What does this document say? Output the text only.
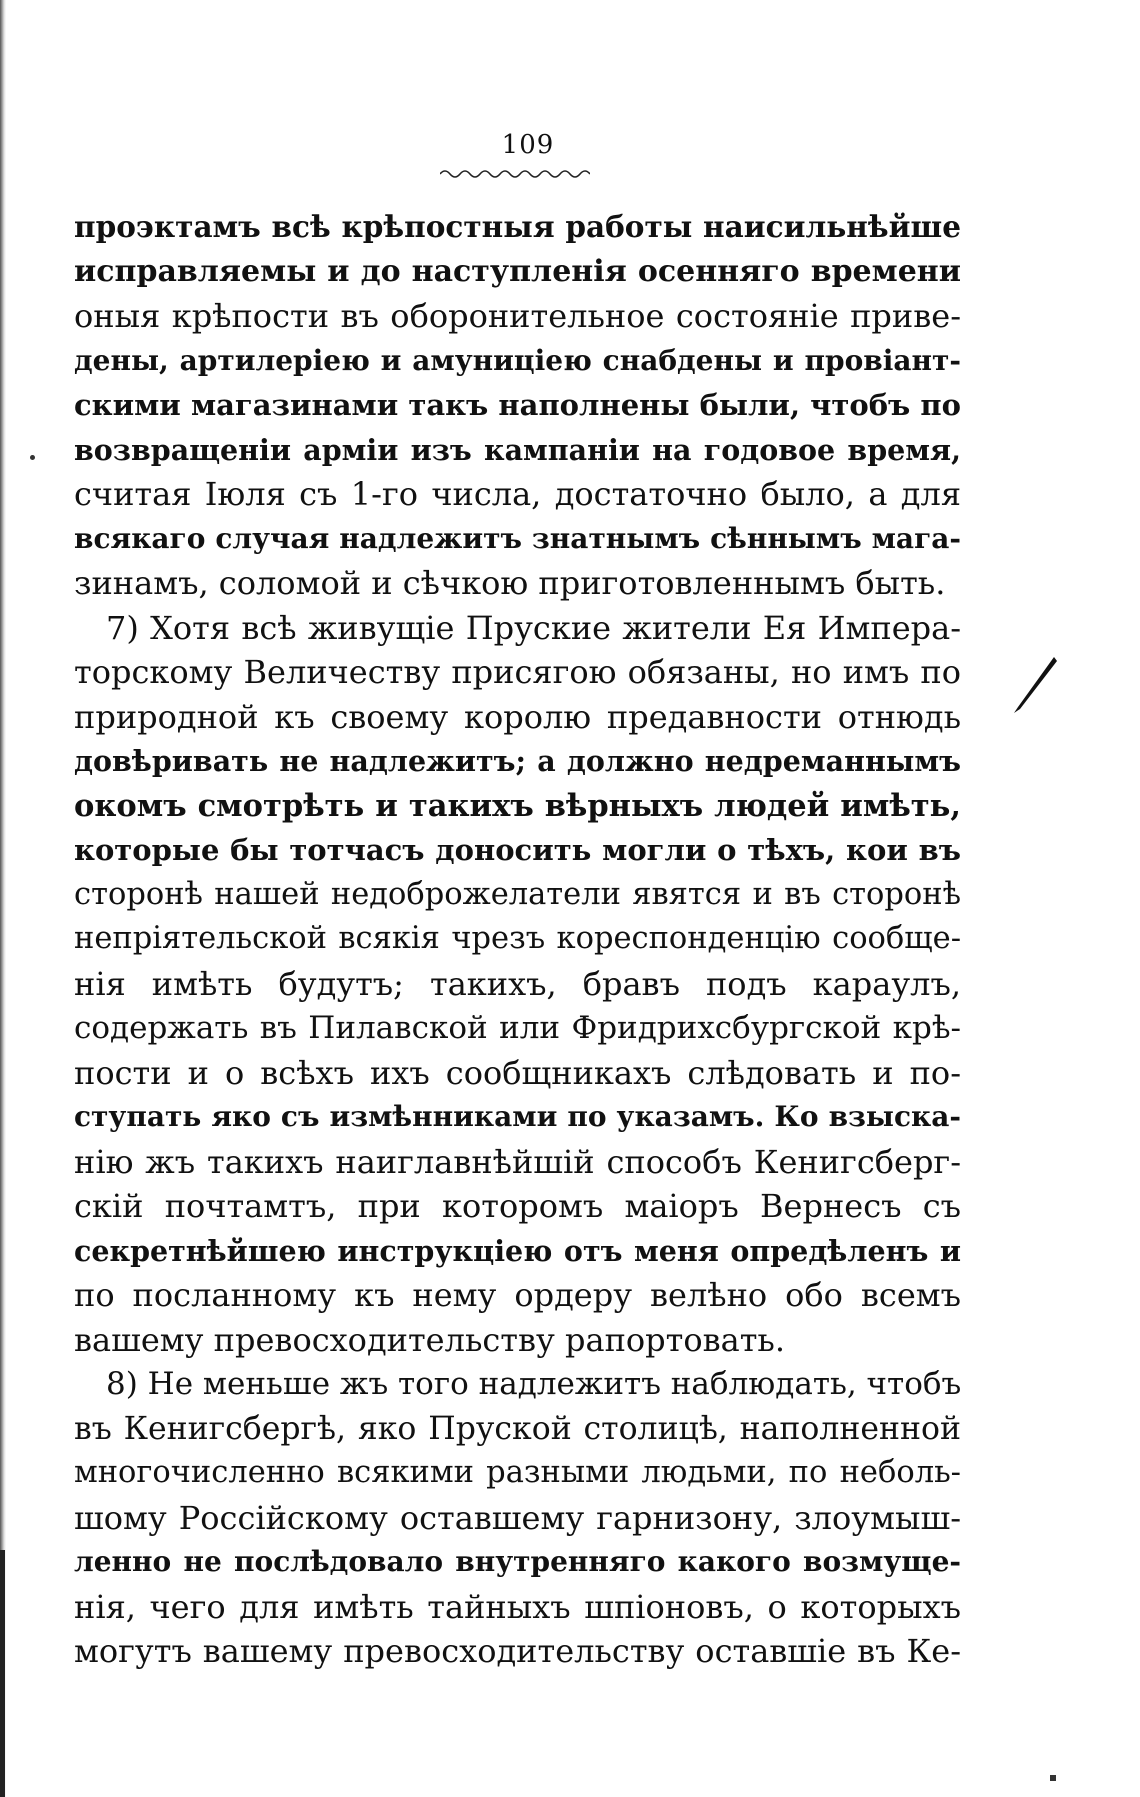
109
проэктамъ всѣ крѣпостныя работы наисильнѣйше
исправляемы и до наступленія осенняго времени
оныя крѣпости въ оборонительное состояніе приве-
дены, артилеріею и амуниціею снабдены и провіант-
скими магазинами такъ наполнены были, чтобъ по
возвращеніи арміи изъ кампаніи на годовое время,
считая Іюля съ 1-го числа, достаточно было, а для
всякаго случая надлежитъ знатнымъ сѣннымъ мага-
зинамъ, соломой и сѣчкою приготовленнымъ быть.
7) Хотя всѣ живущіе Пруские жители Ея Импера-
торскому Величеству присягою обязаны, но имъ по
природной къ своему королю предавности отнюдь
довѣривать не надлежитъ; а должно недреманнымъ
окомъ смотрѣть и такихъ вѣрныхъ людей имѣть,
которые бы тотчасъ доносить могли о тѣхъ, кои въ
сторонѣ нашей недоброжелатели явятся и въ сторонѣ
непріятельской всякія чрезъ кореспонденцію сообще-
нія имѣть будутъ; такихъ, бравъ подъ караулъ,
содержать въ Пилавской или Фридрихсбургской крѣ-
пости и о всѣхъ ихъ сообщникахъ слѣдовать и по-
ступать яко съ измѣнниками по указамъ. Ко взыска-
нію жъ такихъ наиглавнѣйшій способъ Кенигсберг-
скій почтамтъ, при которомъ маіоръ Вернесъ съ
секретнѣйшею инструкціею отъ меня опредѣленъ и
по посланному къ нему ордеру велѣно обо всемъ
вашему превосходительству рапортовать.
8) Не меньше жъ того надлежитъ наблюдать, чтобъ
въ Кенигсбергѣ, яко Пруской столицѣ, наполненной
многочисленно всякими разными людьми, по неболь-
шому Россійскому оставшему гарнизону, злоумыш-
ленно не послѣдовало внутренняго какого возмуще-
нія, чего для имѣть тайныхъ шпіоновъ, о которыхъ
могутъ вашему превосходительству оставшіе въ Ке-
